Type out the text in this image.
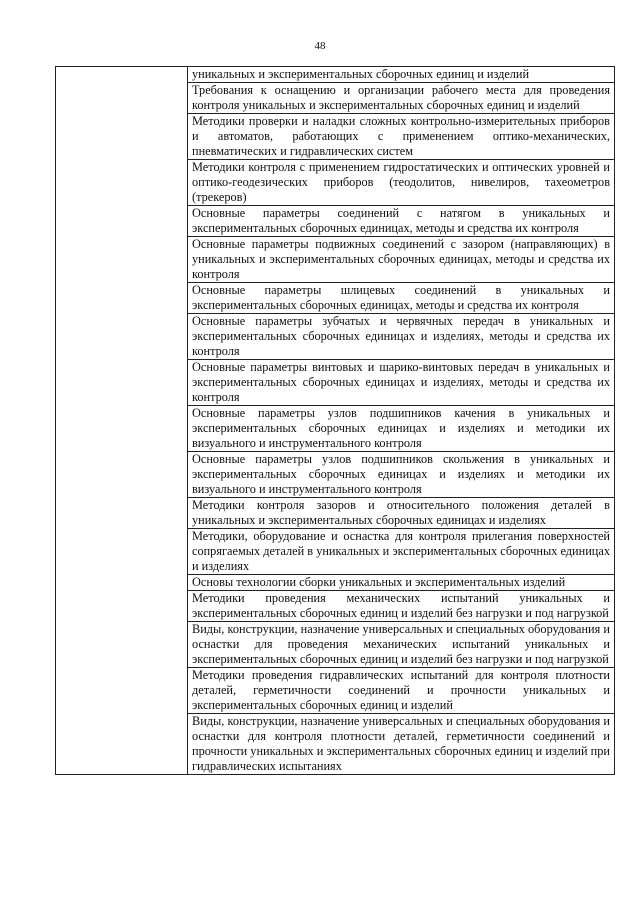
48

уникальных и экспериментальных сборочных единиц и изделий

Требования к оснащению и организации рабочего места для проведения контроля уникальных и экспериментальных сборочных единиц и изделий

Методики проверки и наладки сложных контрольно-измерительных приборов и автоматов, работающих с применением оптико-механических, пневматических и гидравлических систем

Методики контроля с применением гидростатических и оптических уровней и оптико-геодезических приборов (теодолитов, нивелиров, тахеометров (трекеров)

Основные параметры соединений с натягом в уникальных и экспериментальных сборочных единицах, методы и средства их контроля

Основные параметры подвижных соединений с зазором (направляющих) в уникальных и экспериментальных сборочных единицах, методы и средства их контроля

Основные параметры шлицевых соединений в уникальных и экспериментальных сборочных единицах, методы и средства их контроля

Основные параметры зубчатых и червячных передач в уникальных и экспериментальных сборочных единицах и изделиях, методы и средства их контроля

Основные параметры винтовых и шарико-винтовых передач в уникальных и экспериментальных сборочных единицах и изделиях, методы и средства их контроля

Основные параметры узлов подшипников качения в уникальных и экспериментальных сборочных единицах и изделиях и методики их визуального и инструментального контроля

Основные параметры узлов подшипников скольжения в уникальных и экспериментальных сборочных единицах и изделиях и методики их визуального и инструментального контроля

Методики контроля зазоров и относительного положения деталей в уникальных и экспериментальных сборочных единицах и изделиях

Методики, оборудование и оснастка для контроля прилегания поверхностей сопрягаемых деталей в уникальных и экспериментальных сборочных единицах и изделиях

Основы технологии сборки уникальных и экспериментальных изделий

Методики проведения механических испытаний уникальных и экспериментальных сборочных единиц и изделий без нагрузки и под нагрузкой

Виды, конструкции, назначение универсальных и специальных оборудования и оснастки для проведения механических испытаний уникальных и экспериментальных сборочных единиц и изделий без нагрузки и под нагрузкой

Методики проведения гидравлических испытаний для контроля плотности деталей, герметичности соединений и прочности уникальных и экспериментальных сборочных единиц и изделий

Виды, конструкции, назначение универсальных и специальных оборудования и оснастки для контроля плотности деталей, герметичности соединений и прочности уникальных и экспериментальных сборочных единиц и изделий при гидравлических испытаниях
